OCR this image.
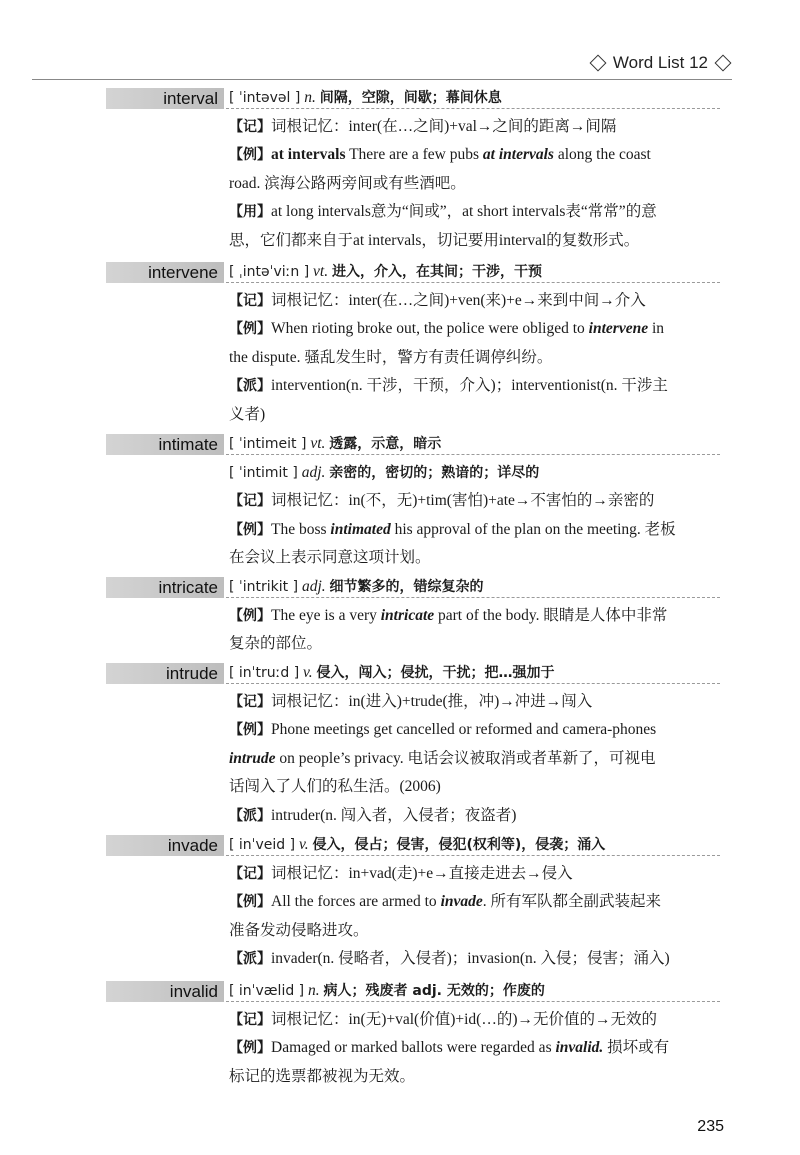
Word List 12
interval [ ˈintəvəl ] n. 间隔，空隙，间歇；幕间休息
【记】词根记忆：inter(在…之间)+val→之间的距离→间隔
【例】at intervals There are a few pubs at intervals along the coast
road. 滨海公路两旁间或有些酒吧。
【用】at long intervals意为“间或”，at short intervals表“常常”的意
思，它们都来自于at intervals，切记要用interval的复数形式。
intervene [ ˌintəˈviːn ] vt. 进入，介入，在其间；干涉，干预
【记】词根记忆：inter(在…之间)+ven(来)+e→来到中间→介入
【例】When rioting broke out, the police were obliged to intervene in
the dispute. 骚乱发生时，警方有责任调停纠纷。
【派】intervention(n. 干涉，干预，介入)；interventionist(n. 干涉主
义者)
intimate [ ˈintimeit ] vt. 透露，示意，暗示
[ ˈintimit ] adj. 亲密的，密切的；熟谙的；详尽的
【记】词根记忆：in(不，无)+tim(害怕)+ate→不害怕的→亲密的
【例】The boss intimated his approval of the plan on the meeting. 老板
在会议上表示同意这项计划。
intricate [ ˈintrikit ] adj. 细节繁多的，错综复杂的
【例】The eye is a very intricate part of the body. 眼睛是人体中非常
复杂的部位。
intrude [ inˈtruːd ] v. 侵入，闯入；侵扰，干扰；把…强加于
【记】词根记忆：in(进入)+trude(推，冲)→冲进→闯入
【例】Phone meetings get cancelled or reformed and camera-phones
intrude on people’s privacy. 电话会议被取消或者革新了，可视电
话闯入了人们的私生活。(2006)
【派】intruder(n. 闯入者，入侵者；夜盗者)
invade [ inˈveid ] v. 侵入，侵占；侵害，侵犯(权利等)，侵袭；涌入
【记】词根记忆：in+vad(走)+e→直接走进去→侵入
【例】All the forces are armed to invade. 所有军队都全副武装起来
准备发动侵略进攻。
【派】invader(n. 侵略者，入侵者)；invasion(n. 入侵；侵害；涌入)
invalid [ inˈvælid ] n. 病人；残废者 adj. 无效的；作废的
【记】词根记忆：in(无)+val(价值)+id(…的)→无价值的→无效的
【例】Damaged or marked ballots were regarded as invalid. 损坏或有
标记的选票都被视为无效。
235
